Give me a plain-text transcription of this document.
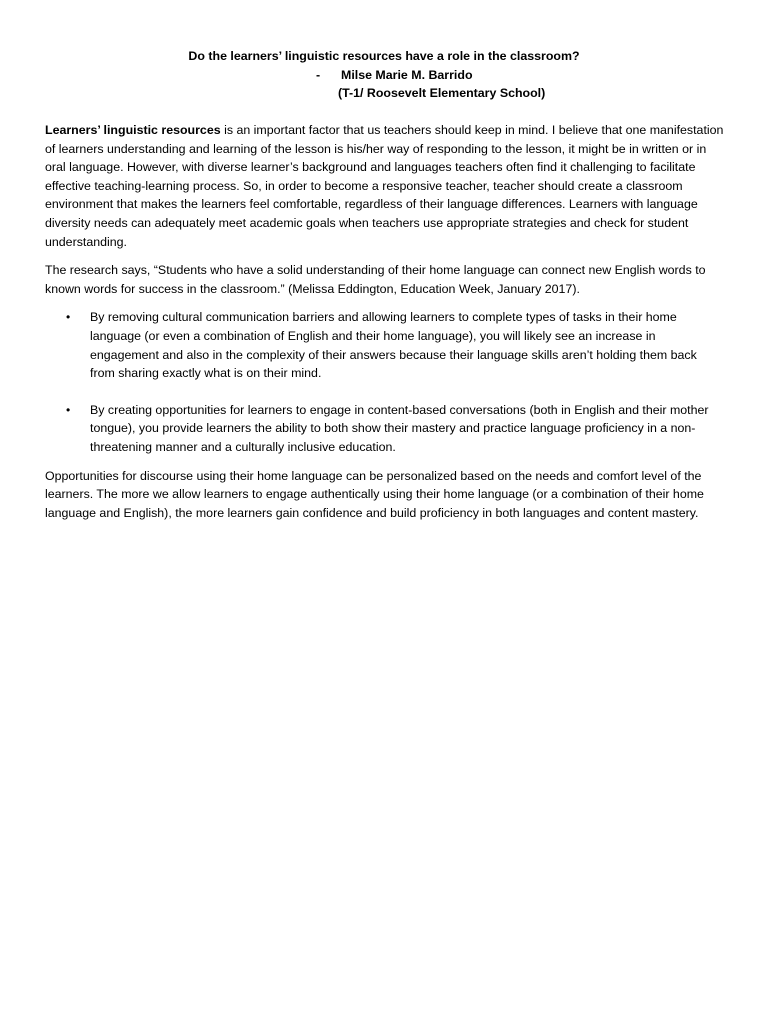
Do the learners’ linguistic resources have a role in the classroom?

- Milse Marie M. Barrido
(T-1/ Roosevelt Elementary School)

Learners’ linguistic resources is an important factor that us teachers should keep in mind. I believe that one manifestation of learners understanding and learning of the lesson is his/her way of responding to the lesson, it might be in written or in oral language. However, with diverse learner’s background and languages teachers often find it challenging to facilitate effective teaching-learning process. So, in order to become a responsive teacher, teacher should create a classroom environment that makes the learners feel comfortable, regardless of their language differences. Learners with language diversity needs can adequately meet academic goals when teachers use appropriate strategies and check for student understanding.

The research says, “Students who have a solid understanding of their home language can connect new English words to known words for success in the classroom.” (Melissa Eddington, Education Week, January 2017).

• By removing cultural communication barriers and allowing learners to complete types of tasks in their home language (or even a combination of English and their home language), you will likely see an increase in engagement and also in the complexity of their answers because their language skills aren’t holding them back from sharing exactly what is on their mind.
• By creating opportunities for learners to engage in content-based conversations (both in English and their mother tongue), you provide learners the ability to both show their mastery and practice language proficiency in a non-threatening manner and a culturally inclusive education.

Opportunities for discourse using their home language can be personalized based on the needs and comfort level of the learners. The more we allow learners to engage authentically using their home language (or a combination of their home language and English), the more learners gain confidence and build proficiency in both languages and content mastery.
